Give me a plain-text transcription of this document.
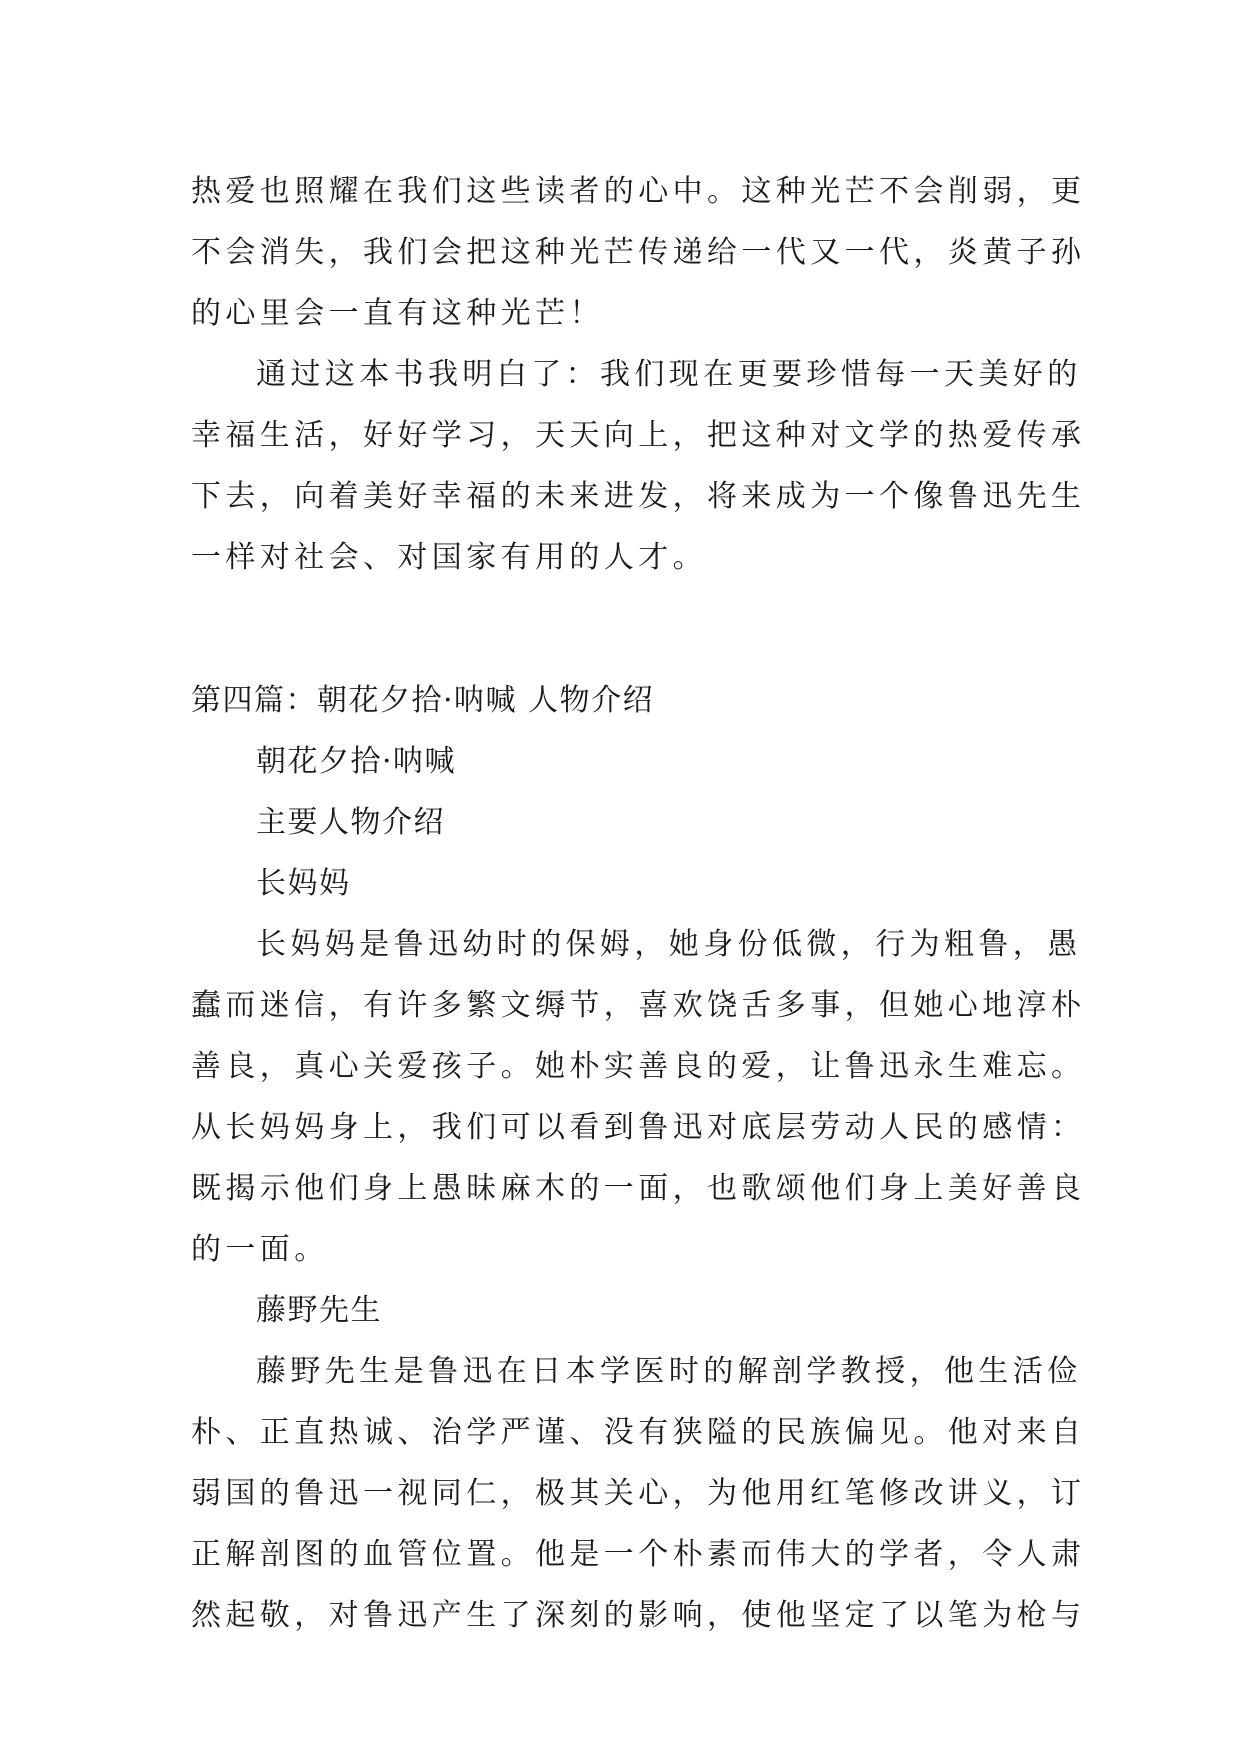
热爱也照耀在我们这些读者的心中。这种光芒不会削弱，更
不会消失，我们会把这种光芒传递给一代又一代，炎黄子孙
的心里会一直有这种光芒！
通过这本书我明白了：我们现在更要珍惜每一天美好的
幸福生活，好好学习，天天向上，把这种对文学的热爱传承
下去，向着美好幸福的未来进发，将来成为一个像鲁迅先生
一样对社会、对国家有用的人才。
第四篇：朝花夕拾·呐喊 人物介绍
朝花夕拾·呐喊
主要人物介绍
长妈妈
长妈妈是鲁迅幼时的保姆，她身份低微，行为粗鲁，愚
蠢而迷信，有许多繁文缛节，喜欢饶舌多事，但她心地淳朴
善良，真心关爱孩子。她朴实善良的爱，让鲁迅永生难忘。
从长妈妈身上，我们可以看到鲁迅对底层劳动人民的感情：
既揭示他们身上愚昧麻木的一面，也歌颂他们身上美好善良
的一面。
藤野先生
藤野先生是鲁迅在日本学医时的解剖学教授，他生活俭
朴、正直热诚、治学严谨、没有狭隘的民族偏见。他对来自
弱国的鲁迅一视同仁，极其关心，为他用红笔修改讲义，订
正解剖图的血管位置。他是一个朴素而伟大的学者，令人肃
然起敬，对鲁迅产生了深刻的影响，使他坚定了以笔为枪与
